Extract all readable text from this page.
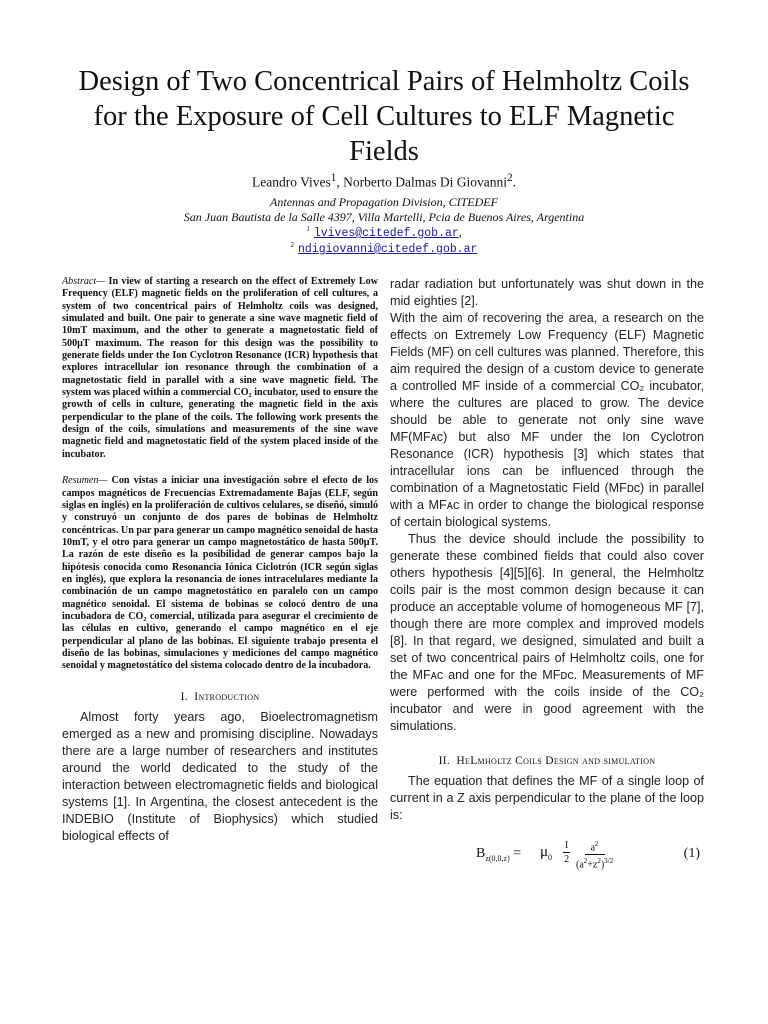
Design of Two Concentrical Pairs of Helmholtz Coils for the Exposure of Cell Cultures to ELF Magnetic Fields
Leandro Vives$^1$, Norberto Dalmas Di Giovanni$^2$.
Antennas and Propagation Division, CITEDEF
San Juan Bautista de la Salle 4397, Villa Martelli, Pcia de Buenos Aires, Argentina
$^1$ lvives@citedef.gob.ar,
$^2$ ndigiovanni@citedef.gob.ar

Abstract— In view of starting a research on the effect of Extremely Low Frequency (ELF) magnetic fields on the proliferation of cell cultures, a system of two concentrical pairs of Helmholtz coils was designed, simulated and built. One pair to generate a sine wave magnetic field of 10mT maximum, and the other to generate a magnetostatic field of 500μT maximum. The reason for this design was the possibility to generate fields under the Ion Cyclotron Resonance (ICR) hypothesis that explores intracellular ion resonance through the combination of a magnetostatic field in parallel with a sine wave magnetic field. The system was placed within a commercial CO₂ incubator, used to ensure the growth of cells in culture, generating the magnetic field in the axis perpendicular to the plane of the coils. The following work presents the design of the coils, simulations and measurements of the sine wave magnetic field and magnetostatic field of the system placed inside of the incubator.

Resumen— Con vistas a iniciar una investigación sobre el efecto de los campos magnéticos de Frecuencias Extremadamente Bajas (ELF, según siglas en inglés) en la proliferación de cultivos celulares, se diseñó, simuló y construyó un conjunto de dos pares de bobinas de Helmholtz concéntricas. Un par para generar un campo magnético senoidal de hasta 10mT, y el otro para generar un campo magnetostático de hasta 500μT. La razón de este diseño es la posibilidad de generar campos bajo la hipótesis conocida como Resonancia Iónica Ciclotrón (ICR según siglas en inglés), que explora la resonancia de iones intracelulares mediante la combinación de un campo magnetostático en paralelo con un campo magnético senoidal. El sistema de bobinas se colocó dentro de una incubadora de CO₂ comercial, utilizada para asegurar el crecimiento de las células en cultivo, generando el campo magnético en el eje perpendicular al plano de las bobinas. El siguiente trabajo presenta el diseño de las bobinas, simulaciones y mediciones del campo magnético senoidal y magnetostático del sistema colocado dentro de la incubadora.

I. Introduction

Almost forty years ago, Bioelectromagnetism emerged as a new and promising discipline. Nowadays there are a large number of researchers and institutes around the world dedicated to the study of the interaction between electromagnetic fields and biological systems [1]. In Argentina, the closest antecedent is the INDEBIO (Institute of Biophysics) which studied biological effects of

radar radiation but unfortunately was shut down in the mid eighties [2].

With the aim of recovering the area, a research on the effects on Extremely Low Frequency (ELF) Magnetic Fields (MF) on cell cultures was planned. Therefore, this aim required the design of a custom device to generate a controlled MF inside of a commercial CO₂ incubator, where the cultures are placed to grow. The device should be able to generate not only sine wave MF(MFᴀᴄ) but also MF under the Ion Cyclotron Resonance (ICR) hypothesis [3] which states that intracellular ions can be influenced through the combination of a Magnetostatic Field (MFᴅᴄ) in parallel with a MFᴀᴄ in order to change the biological response of certain biological systems.

Thus the device should include the possibility to generate these combined fields that could also cover others hypothesis [4][5][6]. In general, the Helmholtz coils pair is the most common design because it can produce an acceptable volume of homogeneous MF [7], though there are more complex and improved models [8]. In that regard, we designed, simulated and built a set of two concentrical pairs of Helmholtz coils, one for the MFᴀᴄ and one for the MFᴅᴄ. Measurements of MF were performed with the coils inside of the CO₂ incubator and were in good agreement with the simulations.

II. HeLmholtz Coils Design and simulation

The equation that defines the MF of a single loop of current in a Z axis perpendicular to the plane of the loop is:

$B_{z(0,0,z)} = \mu_0 \frac{I}{2} \frac{a^2}{(a^2+z^2)^{3/2}}$	(1)
